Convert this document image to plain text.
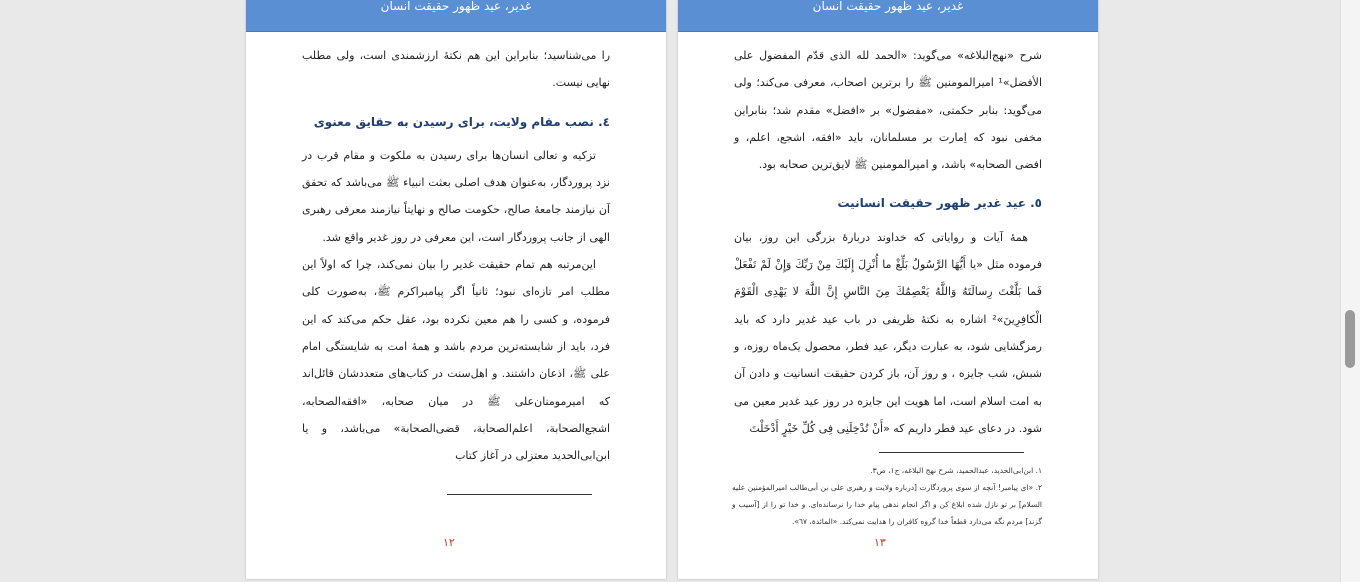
غدیر، عید ظهور حقیقت انسان

را می‌شناسید؛ بنابراین این هم نکتهٔ ارزشمندی است، ولی مطلب نهایی نیست.

٤. نصب مقام ولایت، برای رسیدن به حقایق معنوی

تزکیه و تعالی انسان‌ها برای رسیدن به ملکوت و مقام قرب در نزد پروردگار، به‌عنوان هدف اصلی بعثت انبیاء ﷺ می‌باشد که تحقق آن نیازمند جامعهٔ صالح، حکومت صالح و نهایتاً نیازمند معرفی رهبری الهی از جانب پروردگار است، این معرفی در روز غدیر واقع شد.

این‌مرتبه هم تمام حقیقت غدیر را بیان نمی‌کند، چرا که اولاً این مطلب امر تازه‌ای نبود؛ ثانیاً اگر پیامبراکرم ﷺ، به‌صورت کلی فرموده، و کسی را هم معین نکرده بود، عقل حکم می‌کند که این فرد، باید از شایسته‌ترین مردم باشد و همهٔ امت به شایستگی امام علی ﷺ، اذعان داشتند. و اهل‌سنت در کتاب‌های متعددشان قائل‌اند که امیرمومنان‌علی ﷺ در میان صحابه، «افقه‌الصحابه، اشجع‌الصحابة، اعلم‌الصحابة، قضی‌الصحابة» می‌باشد، و یا ابن‌ابی‌الحدید معتزلی در آغاز کتاب

١٢
غدیر، عید ظهور حقیقت انسان

شرح «نهج‌البلاغه» می‌گوید: «الحمد لله الذی قدّم المفضول علی الأفضل»¹ امیرالمومنین ﷺ را برترین اصحاب، معرفی می‌کند؛ ولی می‌گوید: بنابر حکمتی، «مفضول» بر «افضل» مقدم شد؛ بنابراین مخفی نبود که اِمارت بر مسلمانان، باید «افقه، اشجع، اعلم، و افضی الصحابه» باشد، و امیرالمومنین ﷺ لایق‌ترین صحابه بود.

٥. عید غدیر ظهور حقیقت انسانیت

همهٔ آیات و روایاتی که خداوند دربارهٔ بزرگی این روز، بیان فرموده مثل «یا أَیُّهَا الرَّسُولُ بَلِّغْ ما أُنْزِلَ إِلَیْكَ مِنْ رَبِّكَ وَإِنْ لَمْ تَفْعَلْ فَما بَلَّغْتَ رِسالَتَهُ وَاللَّهُ یَعْصِمُكَ مِنَ النَّاسِ إِنَّ اللَّهَ لا یَهْدِی الْقَوْمَ الْكافِرِینَ»² اشاره به نکتهٔ ظریفی در باب عید غدیر دارد که باید رمزگشایی شود، به عبارت دیگر، عید فطر، محصول یک‌ماه روزه، و شبش، شب جایزه ، و روز آن، باز کردن حقیقت انسانیت و دادن آن به امت اسلام است، اما هویت این جایزه در روز عید غدیر معین می شود. در دعای عید فطر داریم که «أَنْ تُدْخِلَنِی فِی كُلِّ خَیْرٍ أَدْخَلْتَ

١. ابن‌ابی‌الحدید، عبدالحمید، شرح نهج البلاغه، ج١، ص٣.

٢. «ای پیامبر! آنچه از سوی پروردگارت [درباره ولایت و رهبری علی بن أبی‌طالب امیرالمؤمنین علیه السلام] بر تو نازل شده ابلاغ کن و اگر انجام ندهی پیام خدا را نرسانده‌ای. و خدا تو را از [آسیب و گزند] مردم نگه می‌دارد قطعاً خدا گروه کافران را هدایت نمی‌کند. «المائدة، ٦٧».

١٣
